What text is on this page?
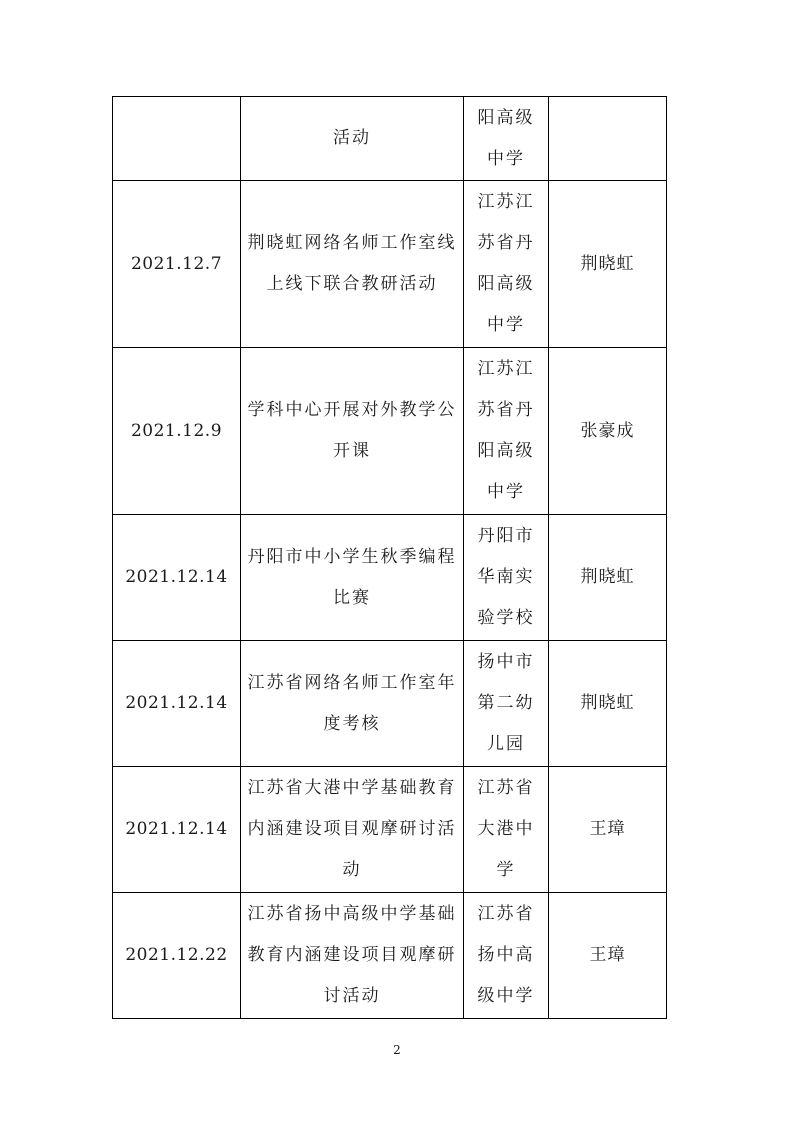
	活动	阳高级
中学	

2021.12.7	荆晓虹网络名师工作室线
上线下联合教研活动	江苏江
苏省丹
阳高级
中学	荆晓虹
2021.12.9	学科中心开展对外教学公
开课	江苏江
苏省丹
阳高级
中学	张豪成
2021.12.14	丹阳市中小学生秋季编程
比赛	丹阳市
华南实
验学校	荆晓虹
2021.12.14	江苏省网络名师工作室年
度考核	扬中市
第二幼
儿园	荆晓虹
2021.12.14	江苏省大港中学基础教育
内涵建设项目观摩研讨活
动	江苏省
大港中
学	王璋
2021.12.22	江苏省扬中高级中学基础
教育内涵建设项目观摩研
讨活动	江苏省
扬中高
级中学	王璋
2
